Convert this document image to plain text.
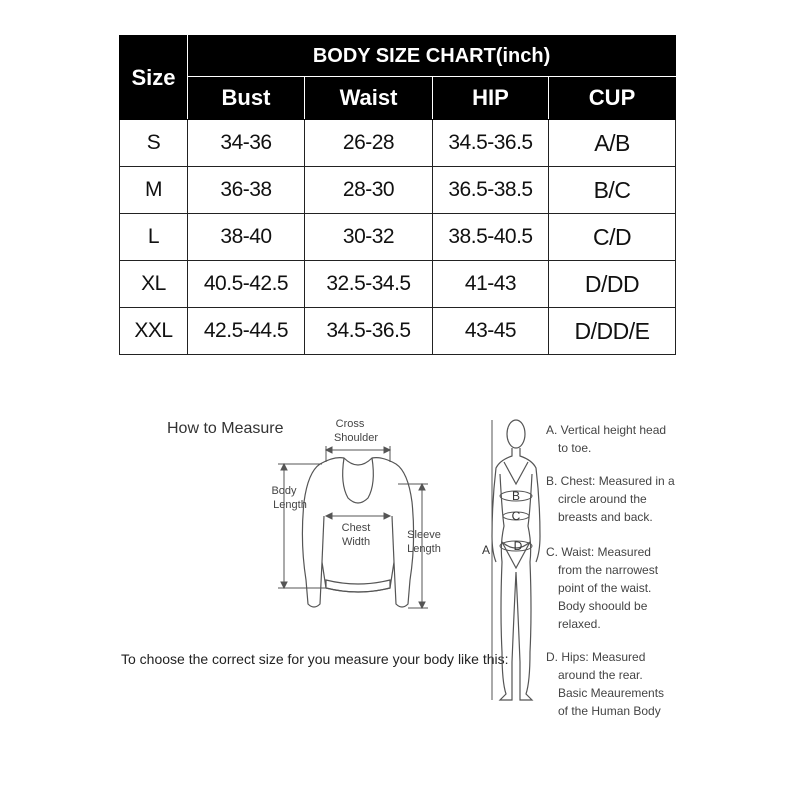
Size	BODY SIZE CHART(inch)			
	Bust	Waist	HIP	CUP
S	34-36	26-28	34.5-36.5	A/B
M	36-38	28-30	36.5-38.5	B/C
L	38-40	30-32	38.5-40.5	C/D
XL	40.5-42.5	32.5-34.5	41-43	D/DD
XXL	42.5-44.5	34.5-36.5	43-45	D/DD/E
How to Measure
To choose the correct size for you measure your body like this:
Cross
Shoulder
Body
Length
Chest
Width
Sleeve
Length	A
B
C
D
A. Vertical height head
to toe.
B. Chest: Measured in a
circle around the
breasts and back.
C. Waist: Measured
from the narrowest
point of the waist.
Body shoould be
relaxed.
D. Hips: Measured
around the rear.
Basic Meaurements
of the Human Body
